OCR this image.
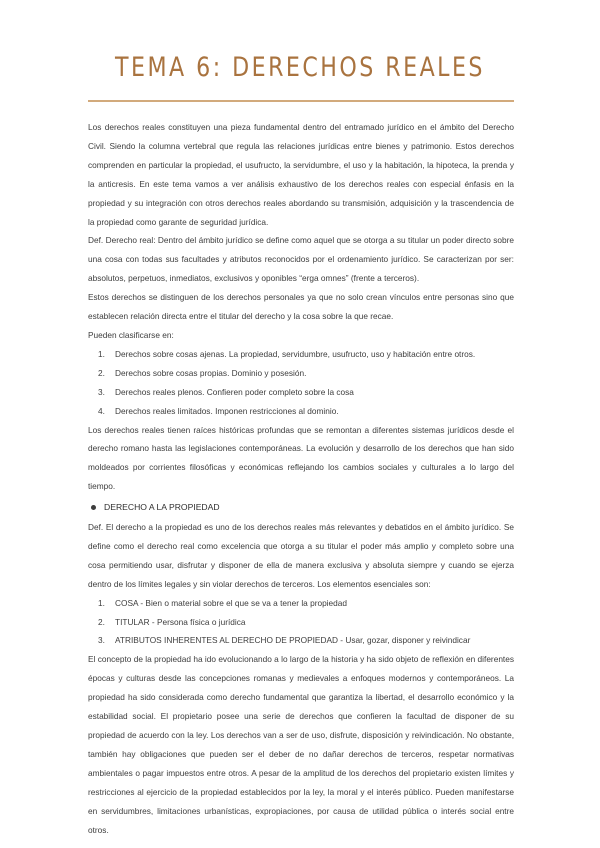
TEMA 6: DERECHOS REALES

Los derechos reales constituyen una pieza fundamental dentro del entramado jurídico en el ámbito del Derecho Civil. Siendo la columna vertebral que regula las relaciones jurídicas entre bienes y patrimonio. Estos derechos comprenden en particular la propiedad, el usufructo, la servidumbre, el uso y la habitación, la hipoteca, la prenda y la anticresis. En este tema vamos a ver análisis exhaustivo de los derechos reales con especial énfasis en la propiedad y su integración con otros derechos reales abordando su transmisión, adquisición y la trascendencia de la propiedad como garante de seguridad jurídica.

Def. Derecho real: Dentro del ámbito jurídico se define como aquel que se otorga a su titular un poder directo sobre una cosa con todas sus facultades y atributos reconocidos por el ordenamiento jurídico. Se caracterizan por ser: absolutos, perpetuos, inmediatos, exclusivos y oponibles “erga omnes” (frente a terceros).

Estos derechos se distinguen de los derechos personales ya que no solo crean vínculos entre personas sino que establecen relación directa entre el titular del derecho y la cosa sobre la que recae.

Pueden clasificarse en:

1. Derechos sobre cosas ajenas. La propiedad, servidumbre, usufructo, uso y habitación entre otros.
2. Derechos sobre cosas propias. Dominio y posesión.
3. Derechos reales plenos. Confieren poder completo sobre la cosa
4. Derechos reales limitados. Imponen restricciones al dominio.

Los derechos reales tienen raíces históricas profundas que se remontan a diferentes sistemas jurídicos desde el derecho romano hasta las legislaciones contemporáneas. La evolución y desarrollo de los derechos que han sido moldeados por corrientes filosóficas y económicas reflejando los cambios sociales y culturales a lo largo del tiempo.

DERECHO A LA PROPIEDAD

Def. El derecho a la propiedad es uno de los derechos reales más relevantes y debatidos en el ámbito jurídico. Se define como el derecho real como excelencia que otorga a su titular el poder más amplio y completo sobre una cosa permitiendo usar, disfrutar y disponer de ella de manera exclusiva y absoluta siempre y cuando se ejerza dentro de los límites legales y sin violar derechos de terceros. Los elementos esenciales son:

1. COSA - Bien o material sobre el que se va a tener la propiedad
2. TITULAR - Persona física o jurídica
3. ATRIBUTOS INHERENTES AL DERECHO DE PROPIEDAD - Usar, gozar, disponer y reivindicar

El concepto de la propiedad ha ido evolucionando a lo largo de la historia y ha sido objeto de reflexión en diferentes épocas y culturas desde las concepciones romanas y medievales a enfoques modernos y contemporáneos. La propiedad ha sido considerada como derecho fundamental que garantiza la libertad, el desarrollo económico y la estabilidad social. El propietario posee una serie de derechos que confieren la facultad de disponer de su propiedad de acuerdo con la ley. Los derechos van a ser de uso, disfrute, disposición y reivindicación. No obstante, también hay obligaciones que pueden ser el deber de no dañar derechos de terceros, respetar normativas ambientales o pagar impuestos entre otros. A pesar de la amplitud de los derechos del propietario existen límites y restricciones al ejercicio de la propiedad establecidos por la ley, la moral y el interés público. Pueden manifestarse en servidumbres, limitaciones urbanísticas, expropiaciones, por causa de utilidad pública o interés social entre otros.
